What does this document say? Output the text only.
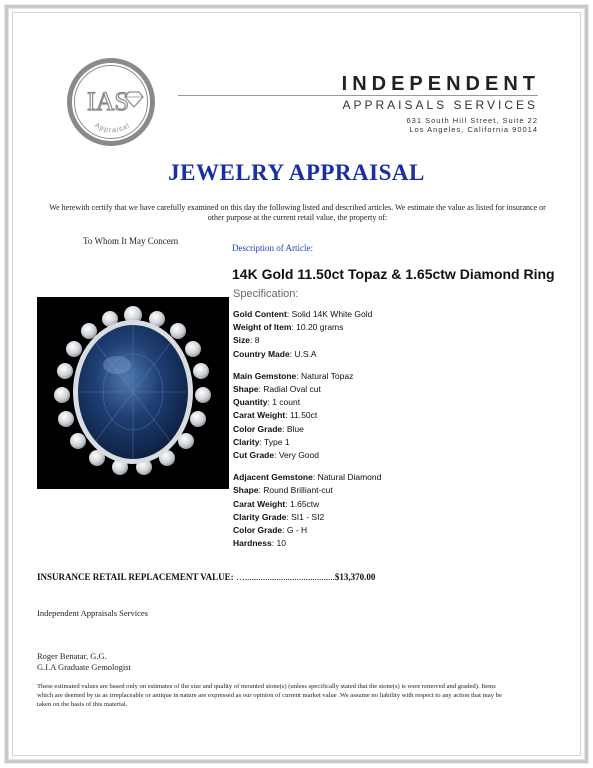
IAS
Appraisal
INDEPENDENT
APPRAISALS SERVICES
631 South Hill Street, Suite 22
Los Angeles, California 90014
JEWELRY APPRAISAL
We herewith certify that we have carefully examined on this day the following listed and described articles. We estimate the value as listed for insurance or other purpose at the current retail value, the property of:
To Whom It May Concern
Description of Article:
14K Gold 11.50ct Topaz & 1.65ctw Diamond Ring
Specification:
Gold Content: Solid 14K White Gold
Weight of Item: 10.20 grams
Size: 8
Country Made: U.S.A
Main Gemstone: Natural Topaz
Shape: Radial Oval cut
Quantity: 1 count
Carat Weight: 11.50ct
Color Grade: Blue
Clarity: Type 1
Cut Grade: Very Good
Adjacent Gemstone: Natural Diamond
Shape: Round Brilliant-cut
Carat Weight: 1.65ctw
Clarity Grade: SI1 - SI2
Color Grade: G - H
Hardness: 10
INSURANCE RETAIL REPLACEMENT VALUE: …........................................$13,370.00
Independent Appraisals Services
Roger Benatar, G.G.
G.I.A Graduate Gemologist
These estimated values are based only on estimates of the size and quality of mounted stone(s) (unless specifically stated that the stone(s) is were removed and graded). Items which are deemed by us as irreplaceable or antique in nature are expressed as our opinion of current market value .We assume no liability with respect to any action that may be taken on the basis of this material.
